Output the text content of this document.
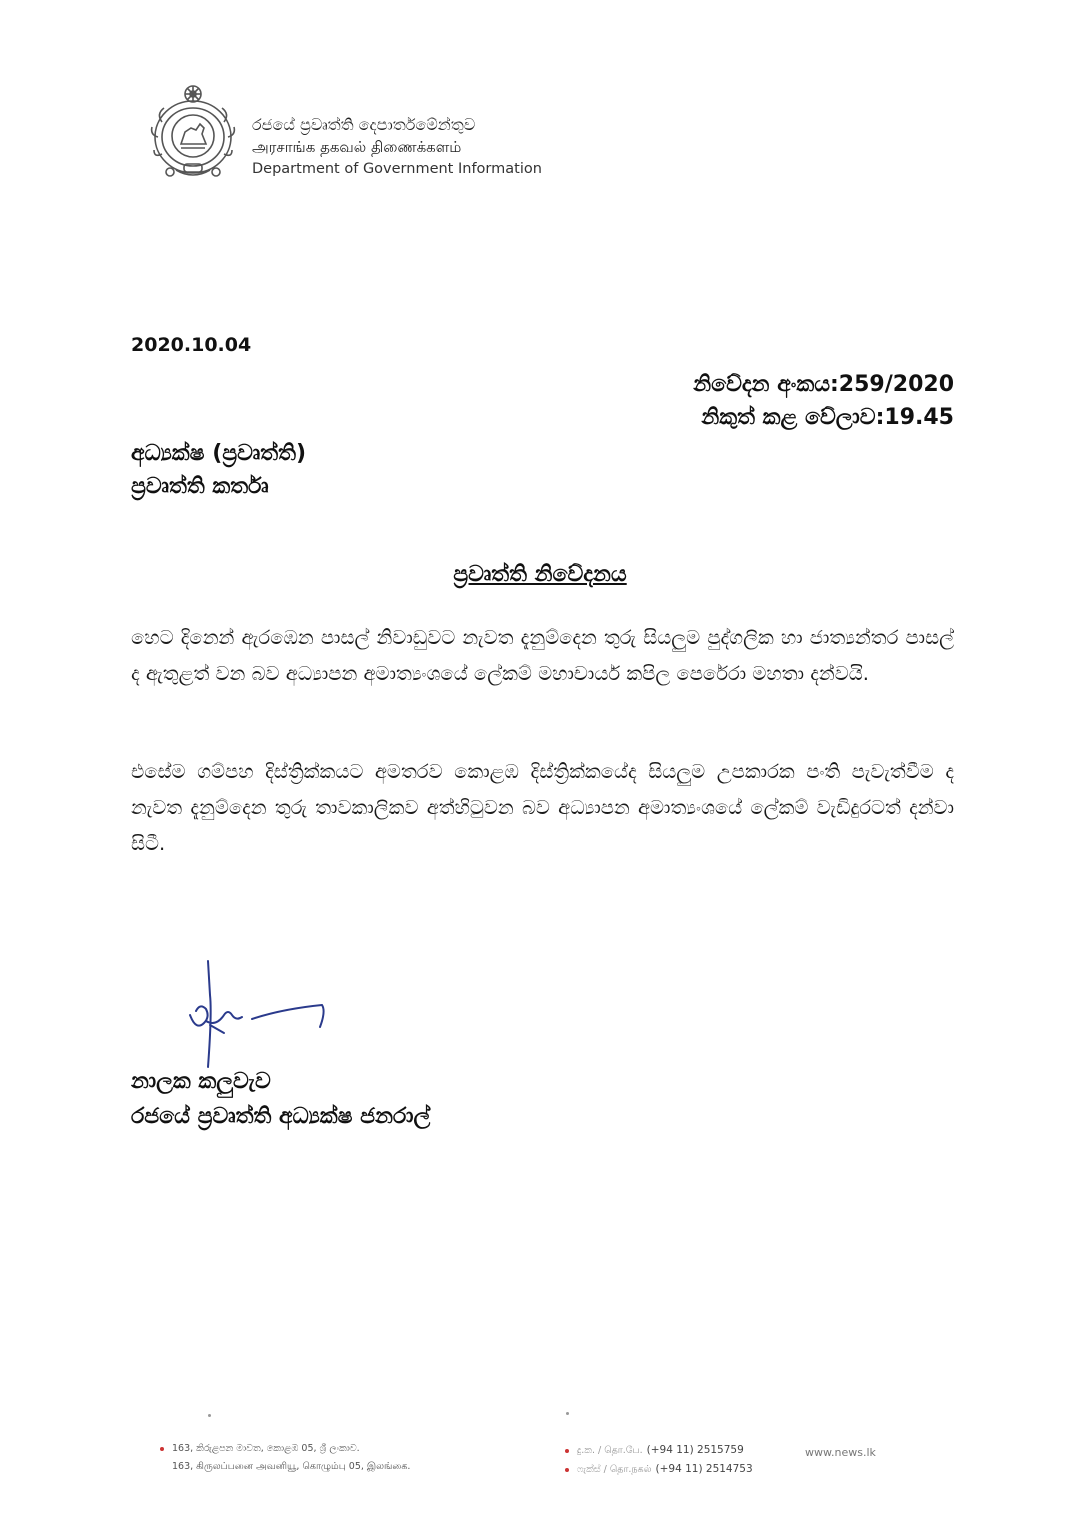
රජයේ ප්‍රවෘත්ති දෙපාර්තමේන්තුව
அரசாங்க தகவல் திணைக்களம்
Department of Government Information
2020.10.04
නිවේදන අංකය:259/2020
නිකුත් කළ වේලාව:19.45
අධ්‍යක්ෂ (ප්‍රවෘත්ති)
ප්‍රවෘත්ති කර්තෘ
ප්‍රවෘත්ති නිවේදනය
හෙට දිනෙන් ඇරඹෙන පාසල් නිවාඩුවට නැවත දැනුම්දෙන තුරු සියලුම පුද්ගලික හා ජාත්‍යන්තර පාසල් ද ඇතුළත් වන බව අධ්‍යාපන අමාත්‍යංශයේ ලේකම් මහාචාර්ය කපිල පෙරේරා මහතා දන්වයි.
එසේම ගම්පහ දිස්ත්‍රික්කයට අමතරව කොළඹ දිස්ත්‍රික්කයේද සියලුම උපකාරක පංති පැවැත්වීම ද නැවත දැනුම්දෙන තුරු තාවකාලිකව අත්හිටුවන බව අධ්‍යාපන අමාත්‍යංශයේ ලේකම් වැඩිදුරටත් දන්වා සිටී.
නාලක කලුවැව
රජයේ ප්‍රවෘත්ති අධ්‍යක්ෂ ජනරාල්
163, කිරුළපන මාවත, කොළඹ 05, ශ්‍රී ලංකාව.
163, கிருலப்பனை அவனியூ, கொழும்பு 05, இலங்கை.
දු.ක. / தொ.பே. (+94 11) 2515759
ෆැක්ස් / தொ.நகல் (+94 11) 2514753
www.news.lk
